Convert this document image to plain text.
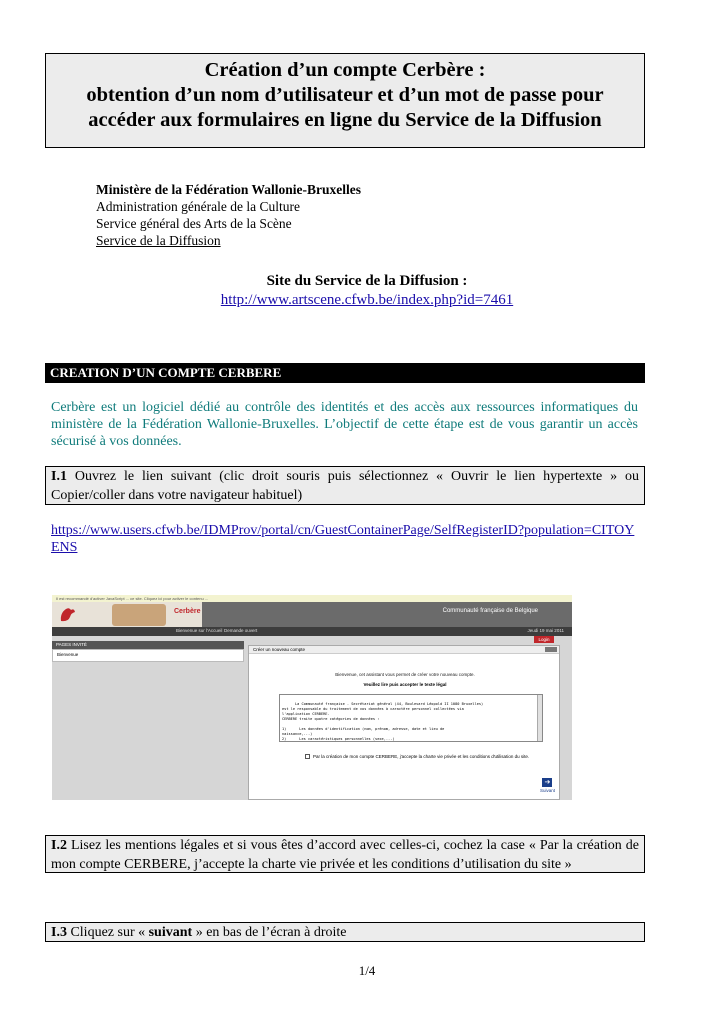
Création d’un compte Cerbère :
obtention d’un nom d’utilisateur et d’un mot de passe pour
accéder aux formulaires en ligne du Service de la Diffusion
Ministère de la Fédération Wallonie-Bruxelles
Administration générale de la Culture
Service général des Arts de la Scène
Service de la Diffusion
Site du Service de la Diffusion :
http://www.artscene.cfwb.be/index.php?id=7461
CREATION D’UN COMPTE CERBERE
Cerbère est un logiciel dédié au contrôle des identités et des accès aux ressources informatiques du ministère de la Fédération Wallonie-Bruxelles. L’objectif de cette étape est de vous garantir un accès sécurisé à vos données.
I.1 Ouvrez le lien suivant (clic droit souris puis sélectionnez « Ouvrir le lien hypertexte » ou Copier/coller dans votre navigateur habituel)
https://www.users.cfwb.be/IDMProv/portal/cn/GuestContainerPage/SelfRegisterID?population=CITOYENS
Il est recommandé d'activer JavaScript ... ce site. Cliquez ici pour activer le contenu ...
Cerbère	Communauté française de Belgique
Bienvenue sur l'Accueil Demande ouvert	Jeudi 19 mai 2011
Login
PAGES INVITÉ
Bienvenue
Créer un nouveau compte
Bienvenue, cet assistant vous permet de créer votre nouveau compte.
Veuillez lire puis accepter le texte légal

La Communauté française - Secrétariat général (44, Boulevard Léopold II 1080 Bruxelles)
est le responsable du traitement de vos données à caractère personnel collectées via
l'application CERBERE.
CERBERE traite quatre catégories de données :

1)      Les données d'identification (nom, prénom, adresse, date et lieu de
naissance,...)
2)      Les caractéristiques personnelles (sexe,...)

Par la création de mon compte CERBERE, j'accepte la charte vie privée et les conditions d'utilisation du site.
➔
Suivant
I.2 Lisez les mentions légales et si vous êtes d’accord avec celles-ci, cochez la case « Par la création de mon compte CERBERE, j’accepte la charte vie privée et les conditions d’utilisation du site »
I.3 Cliquez sur « suivant » en bas de l’écran à droite
1/4
